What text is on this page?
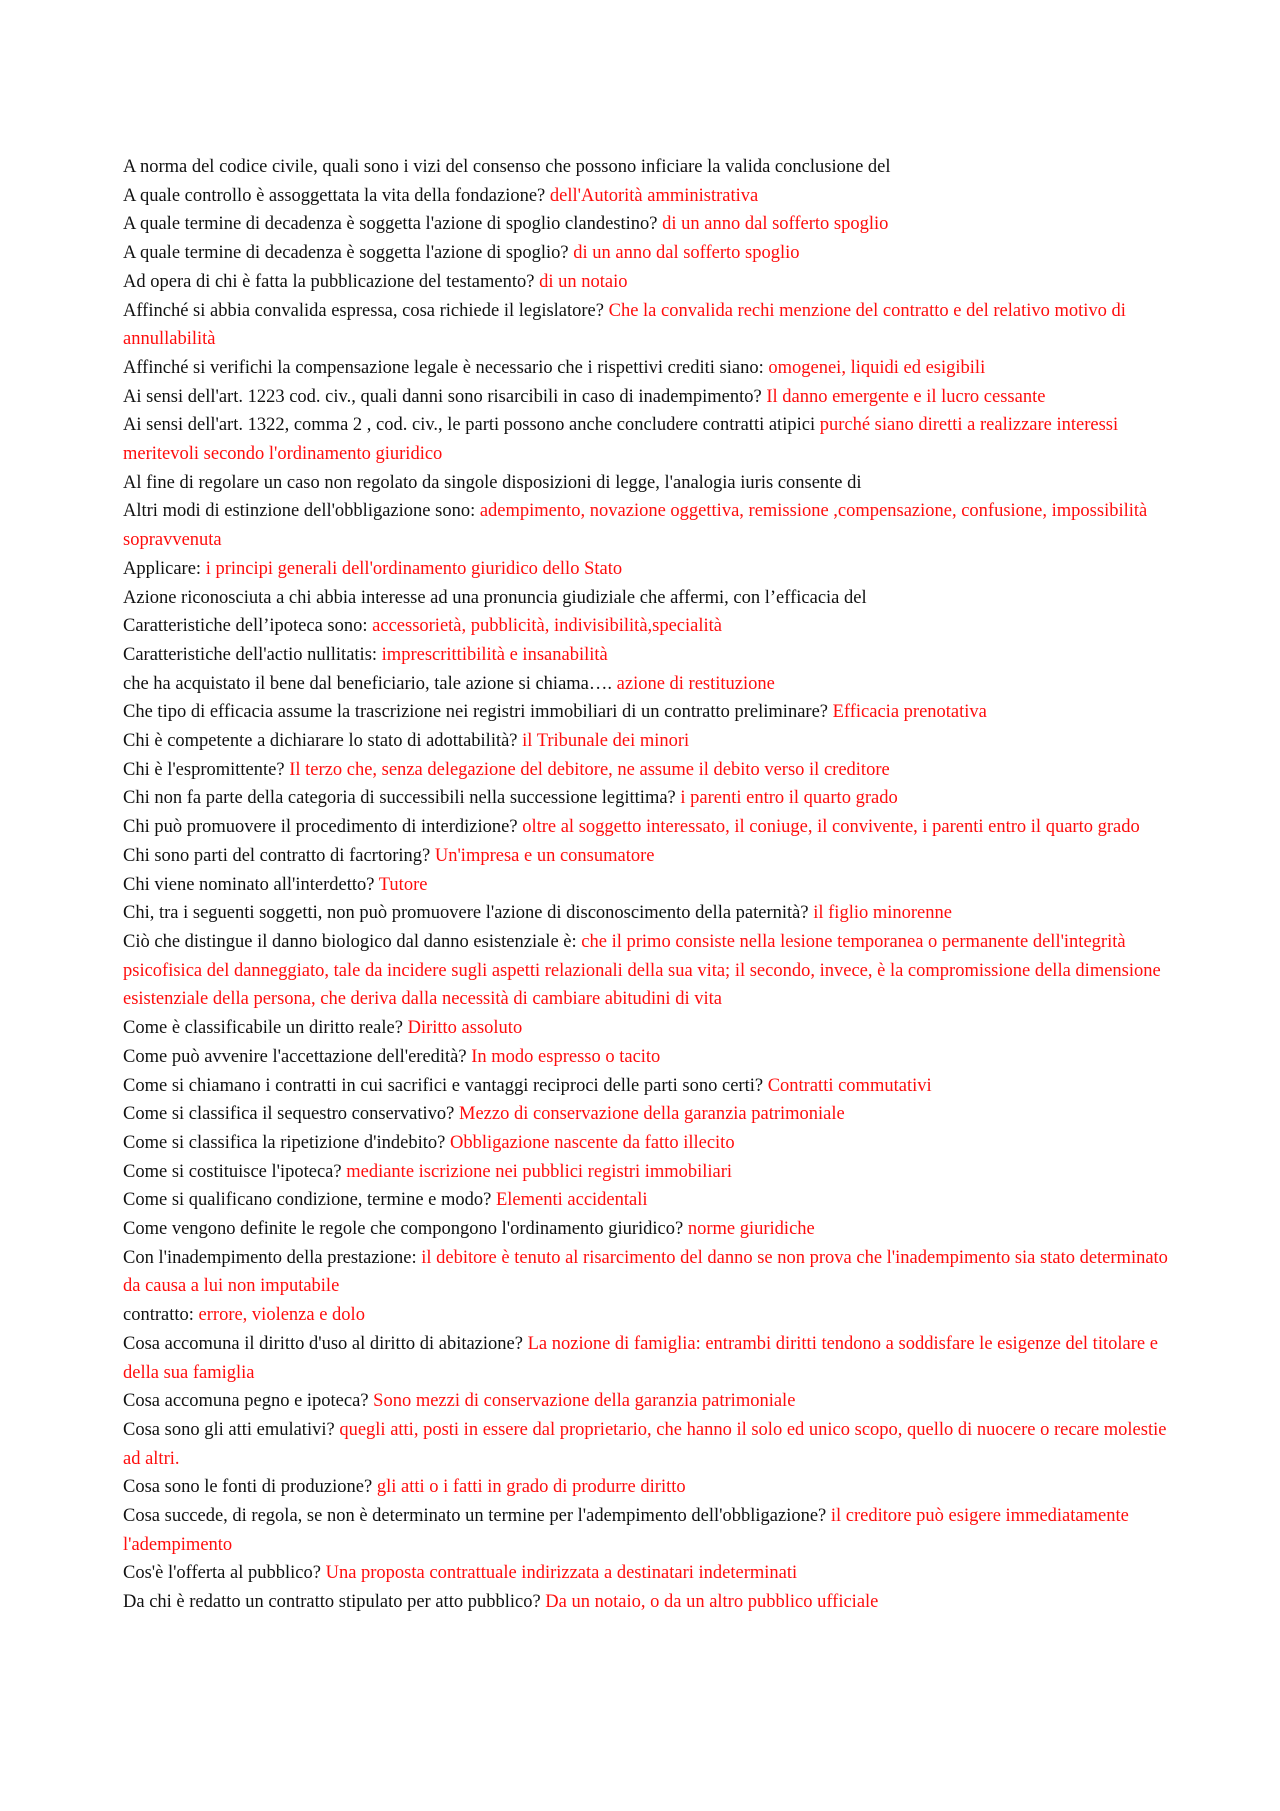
A norma del codice civile, quali sono i vizi del consenso che possono inficiare la valida conclusione del

A quale controllo è assoggettata la vita della fondazione? dell'Autorità amministrativa

A quale termine di decadenza è soggetta l'azione di spoglio clandestino? di un anno dal sofferto spoglio

A quale termine di decadenza è soggetta l'azione di spoglio? di un anno dal sofferto spoglio

Ad opera di chi è fatta la pubblicazione del testamento? di un notaio

Affinché si abbia convalida espressa, cosa richiede il legislatore? Che la convalida rechi menzione del contratto e del relativo motivo di annullabilità

Affinché si verifichi la compensazione legale è necessario che i rispettivi crediti siano: omogenei, liquidi ed esigibili

Ai sensi dell'art. 1223 cod. civ., quali danni sono risarcibili in caso di inadempimento? Il danno emergente e il lucro cessante

Ai sensi dell'art. 1322, comma 2 , cod. civ., le parti possono anche concludere contratti atipici purché siano diretti a realizzare interessi meritevoli secondo l'ordinamento giuridico

Al fine di regolare un caso non regolato da singole disposizioni di legge, l'analogia iuris consente di

Altri modi di estinzione dell'obbligazione sono: adempimento, novazione oggettiva, remissione ,compensazione, confusione, impossibilità sopravvenuta

Applicare: i principi generali dell'ordinamento giuridico dello Stato

Azione riconosciuta a chi abbia interesse ad una pronuncia giudiziale che affermi, con l’efficacia del

Caratteristiche dell’ipoteca sono: accessorietà, pubblicità, indivisibilità,specialità

Caratteristiche dell'actio nullitatis: imprescrittibilità e insanabilità

che ha acquistato il bene dal beneficiario, tale azione si chiama…. azione di restituzione

Che tipo di efficacia assume la trascrizione nei registri immobiliari di un contratto preliminare? Efficacia prenotativa

Chi è competente a dichiarare lo stato di adottabilità? il Tribunale dei minori

Chi è l'espromittente? Il terzo che, senza delegazione del debitore, ne assume il debito verso il creditore

Chi non fa parte della categoria di successibili nella successione legittima? i parenti entro il quarto grado

Chi può promuovere il procedimento di interdizione? oltre al soggetto interessato, il coniuge, il convivente, i parenti entro il quarto grado

Chi sono parti del contratto di facrtoring? Un'impresa e un consumatore

Chi viene nominato all'interdetto? Tutore

Chi, tra i seguenti soggetti, non può promuovere l'azione di disconoscimento della paternità? il figlio minorenne

Ciò che distingue il danno biologico dal danno esistenziale è: che il primo consiste nella lesione temporanea o permanente dell'integrità psicofisica del danneggiato, tale da incidere sugli aspetti relazionali della sua vita; il secondo, invece, è la compromissione della dimensione esistenziale della persona, che deriva dalla necessità di cambiare abitudini di vita

Come è classificabile un diritto reale? Diritto assoluto

Come può avvenire l'accettazione dell'eredità? In modo espresso o tacito

Come si chiamano i contratti in cui sacrifici e vantaggi reciproci delle parti sono certi? Contratti commutativi

Come si classifica il sequestro conservativo? Mezzo di conservazione della garanzia patrimoniale

Come si classifica la ripetizione d'indebito? Obbligazione nascente da fatto illecito

Come si costituisce l'ipoteca? mediante iscrizione nei pubblici registri immobiliari

Come si qualificano condizione, termine e modo? Elementi accidentali

Come vengono definite le regole che compongono l'ordinamento giuridico? norme giuridiche

Con l'inadempimento della prestazione: il debitore è tenuto al risarcimento del danno se non prova che l'inadempimento sia stato determinato da causa a lui non imputabile

contratto: errore, violenza e dolo

Cosa accomuna il diritto d'uso al diritto di abitazione? La nozione di famiglia: entrambi diritti tendono a soddisfare le esigenze del titolare e della sua famiglia

Cosa accomuna pegno e ipoteca? Sono mezzi di conservazione della garanzia patrimoniale

Cosa sono gli atti emulativi? quegli atti, posti in essere dal proprietario, che hanno il solo ed unico scopo, quello di nuocere o recare molestie ad altri.

Cosa sono le fonti di produzione? gli atti o i fatti in grado di produrre diritto

Cosa succede, di regola, se non è determinato un termine per l'adempimento dell'obbligazione? il creditore può esigere immediatamente l'adempimento

Cos'è l'offerta al pubblico? Una proposta contrattuale indirizzata a destinatari indeterminati

Da chi è redatto un contratto stipulato per atto pubblico? Da un notaio, o da un altro pubblico ufficiale
